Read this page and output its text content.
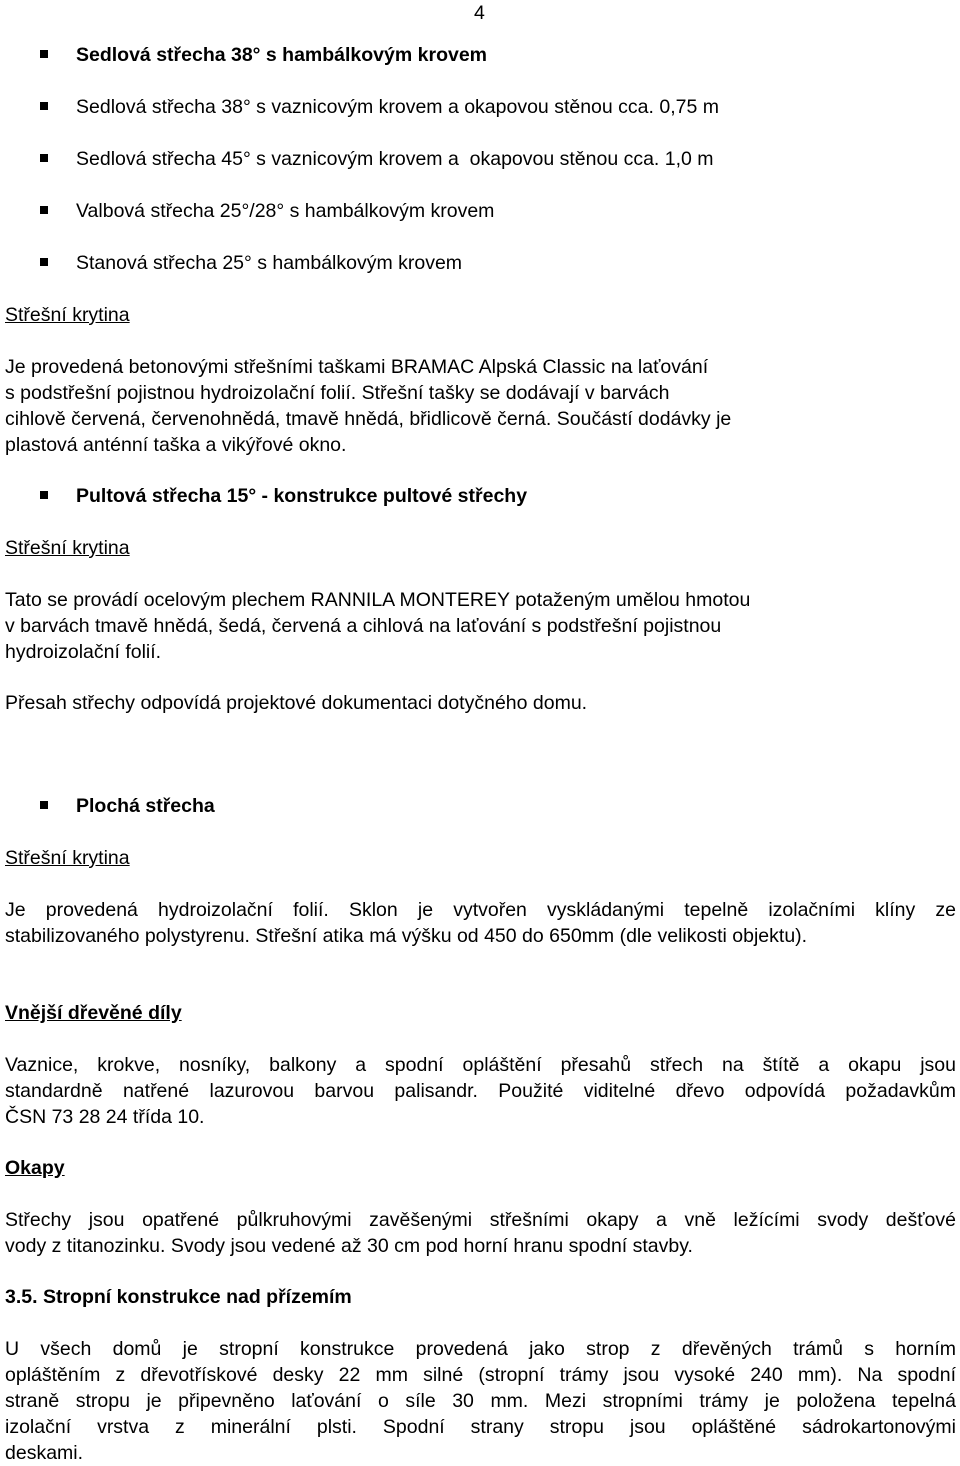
4
Sedlová střecha 38° s hambálkovým krovem
Sedlová střecha 38° s vaznicovým krovem a okapovou stěnou cca. 0,75 m
Sedlová střecha 45° s vaznicovým krovem a  okapovou stěnou cca. 1,0 m
Valbová střecha 25°/28° s hambálkovým krovem
Stanová střecha 25° s hambálkovým krovem
Střešní krytina
Je provedená betonovými střešními taškami BRAMAC Alpská Classic na laťování
s podstřešní pojistnou hydroizolační folií. Střešní tašky se dodávají v barvách
cihlově červená, červenohnědá, tmavě hnědá, břidlicově černá. Součástí dodávky je
plastová anténní taška a vikýřové okno.
Pultová střecha 15° - konstrukce pultové střechy
Střešní krytina
Tato se provádí ocelovým plechem RANNILA MONTEREY potaženým umělou hmotou
v barvách tmavě hnědá, šedá, červená a cihlová na laťování s podstřešní pojistnou
hydroizolační folií.
Přesah střechy odpovídá projektové dokumentaci dotyčného domu.
Plochá střecha
Střešní krytina
Je provedená hydroizolační folií. Sklon je vytvořen vyskládanými tepelně izolačními klíny ze
stabilizovaného polystyrenu. Střešní atika má výšku od 450 do 650mm (dle velikosti objektu).
Vnější dřevěné díly
Vaznice, krokve, nosníky, balkony a spodní opláštění přesahů střech na štítě a okapu jsou
standardně natřené lazurovou barvou palisandr. Použité viditelné dřevo odpovídá požadavkům
ČSN 73 28 24 třída 10.
Okapy
Střechy jsou opatřené půlkruhovými zavěšenými střešními okapy a vně ležícími svody dešťové
vody z titanozinku. Svody jsou vedené až 30 cm pod horní hranu spodní stavby.
3.5. Stropní konstrukce nad přízemím
U všech domů je stropní konstrukce provedená jako strop z dřevěných trámů s horním
opláštěním z dřevotřískové desky 22 mm silné (stropní trámy jsou vysoké 240 mm). Na spodní
straně stropu je připevněno laťování o síle 30 mm. Mezi stropními trámy je položena tepelná
izolační vrstva z minerální plsti. Spodní strany stropu jsou opláštěné sádrokartonovými
deskami.
